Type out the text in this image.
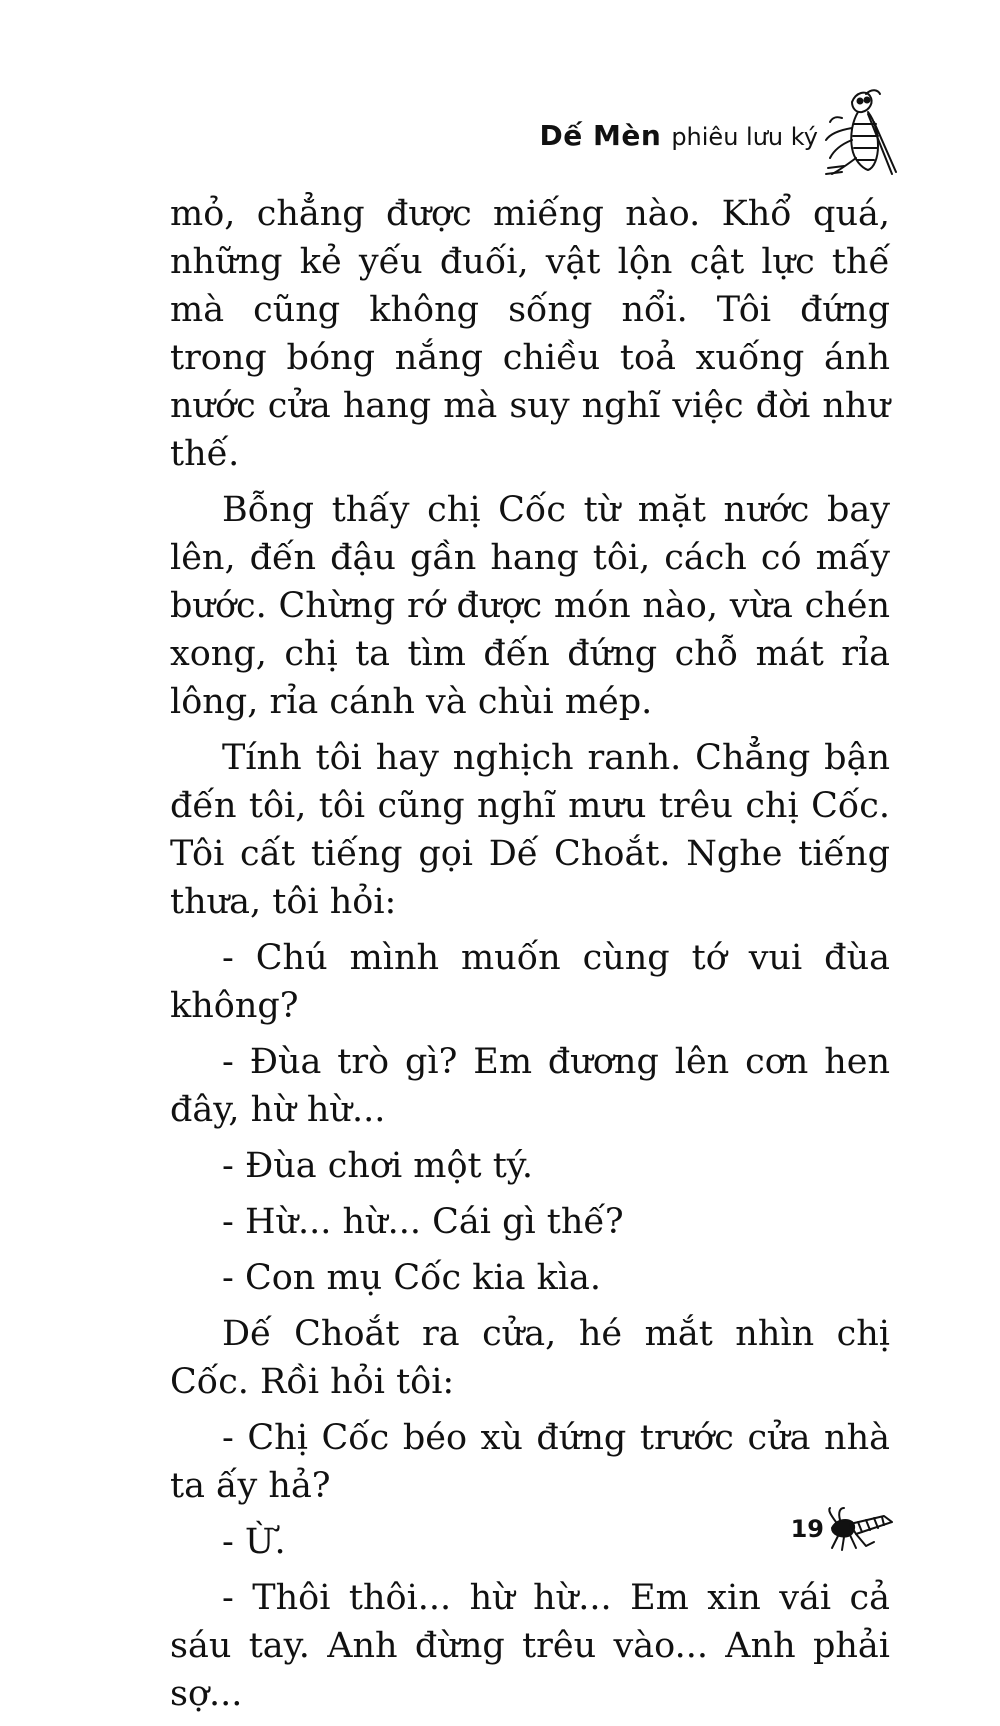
Dế Mèn phiêu lưu ký

mỏ, chẳng được miếng nào. Khổ quá, những kẻ yếu đuối, vật lộn cật lực thế mà cũng không sống nổi. Tôi đứng trong bóng nắng chiều toả xuống ánh nước cửa hang mà suy nghĩ việc đời như thế.

Bỗng thấy chị Cốc từ mặt nước bay lên, đến đậu gần hang tôi, cách có mấy bước. Chừng rớ được món nào, vừa chén xong, chị ta tìm đến đứng chỗ mát rỉa lông, rỉa cánh và chùi mép.

Tính tôi hay nghịch ranh. Chẳng bận đến tôi, tôi cũng nghĩ mưu trêu chị Cốc. Tôi cất tiếng gọi Dế Choắt. Nghe tiếng thưa, tôi hỏi:

- Chú mình muốn cùng tớ vui đùa không?

- Đùa trò gì? Em đương lên cơn hen đây, hừ hừ...

- Đùa chơi một tý.

- Hừ... hừ... Cái gì thế?

- Con mụ Cốc kia kìa.

Dế Choắt ra cửa, hé mắt nhìn chị Cốc. Rồi hỏi tôi:

- Chị Cốc béo xù đứng trước cửa nhà ta ấy hả?

- Ừ.

- Thôi thôi... hừ hừ... Em xin vái cả sáu tay. Anh đừng trêu vào... Anh phải sợ...

19
